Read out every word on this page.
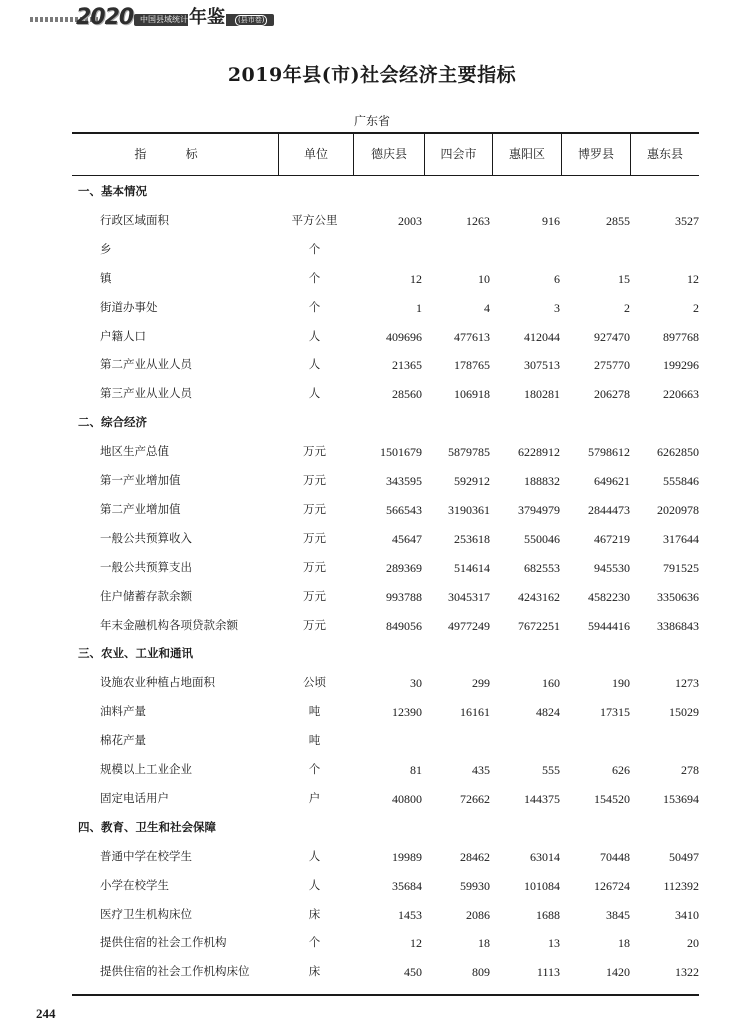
2020 中国县域统计 年鉴	(县市卷)
2019年县(市)社会经济主要指标
广东省
指 标	单位	德庆县	四会市	惠阳区	博罗县	惠东县
一、基本情况
行政区域面积	平方公里	2003	1263	916	2855	3527
乡	个
镇	个	12	10	6	15	12
街道办事处	个	1	4	3	2	2
户籍人口	人	409696	477613	412044	927470	897768
第二产业从业人员	人	21365	178765	307513	275770	199296
第三产业从业人员	人	28560	106918	180281	206278	220663
二、综合经济
地区生产总值	万元	1501679	5879785	6228912	5798612	6262850
第一产业增加值	万元	343595	592912	188832	649621	555846
第二产业增加值	万元	566543	3190361	3794979	2844473	2020978
一般公共预算收入	万元	45647	253618	550046	467219	317644
一般公共预算支出	万元	289369	514614	682553	945530	791525
住户储蓄存款余额	万元	993788	3045317	4243162	4582230	3350636
年末金融机构各项贷款余额	万元	849056	4977249	7672251	5944416	3386843
三、农业、工业和通讯
设施农业种植占地面积	公顷	30	299	160	190	1273
油料产量	吨	12390	16161	4824	17315	15029
棉花产量	吨
规模以上工业企业	个	81	435	555	626	278
固定电话用户	户	40800	72662	144375	154520	153694
四、教育、卫生和社会保障
普通中学在校学生	人	19989	28462	63014	70448	50497
小学在校学生	人	35684	59930	101084	126724	112392
医疗卫生机构床位	床	1453	2086	1688	3845	3410
提供住宿的社会工作机构	个	12	18	13	18	20
提供住宿的社会工作机构床位	床	450	809	1113	1420	1322
244
